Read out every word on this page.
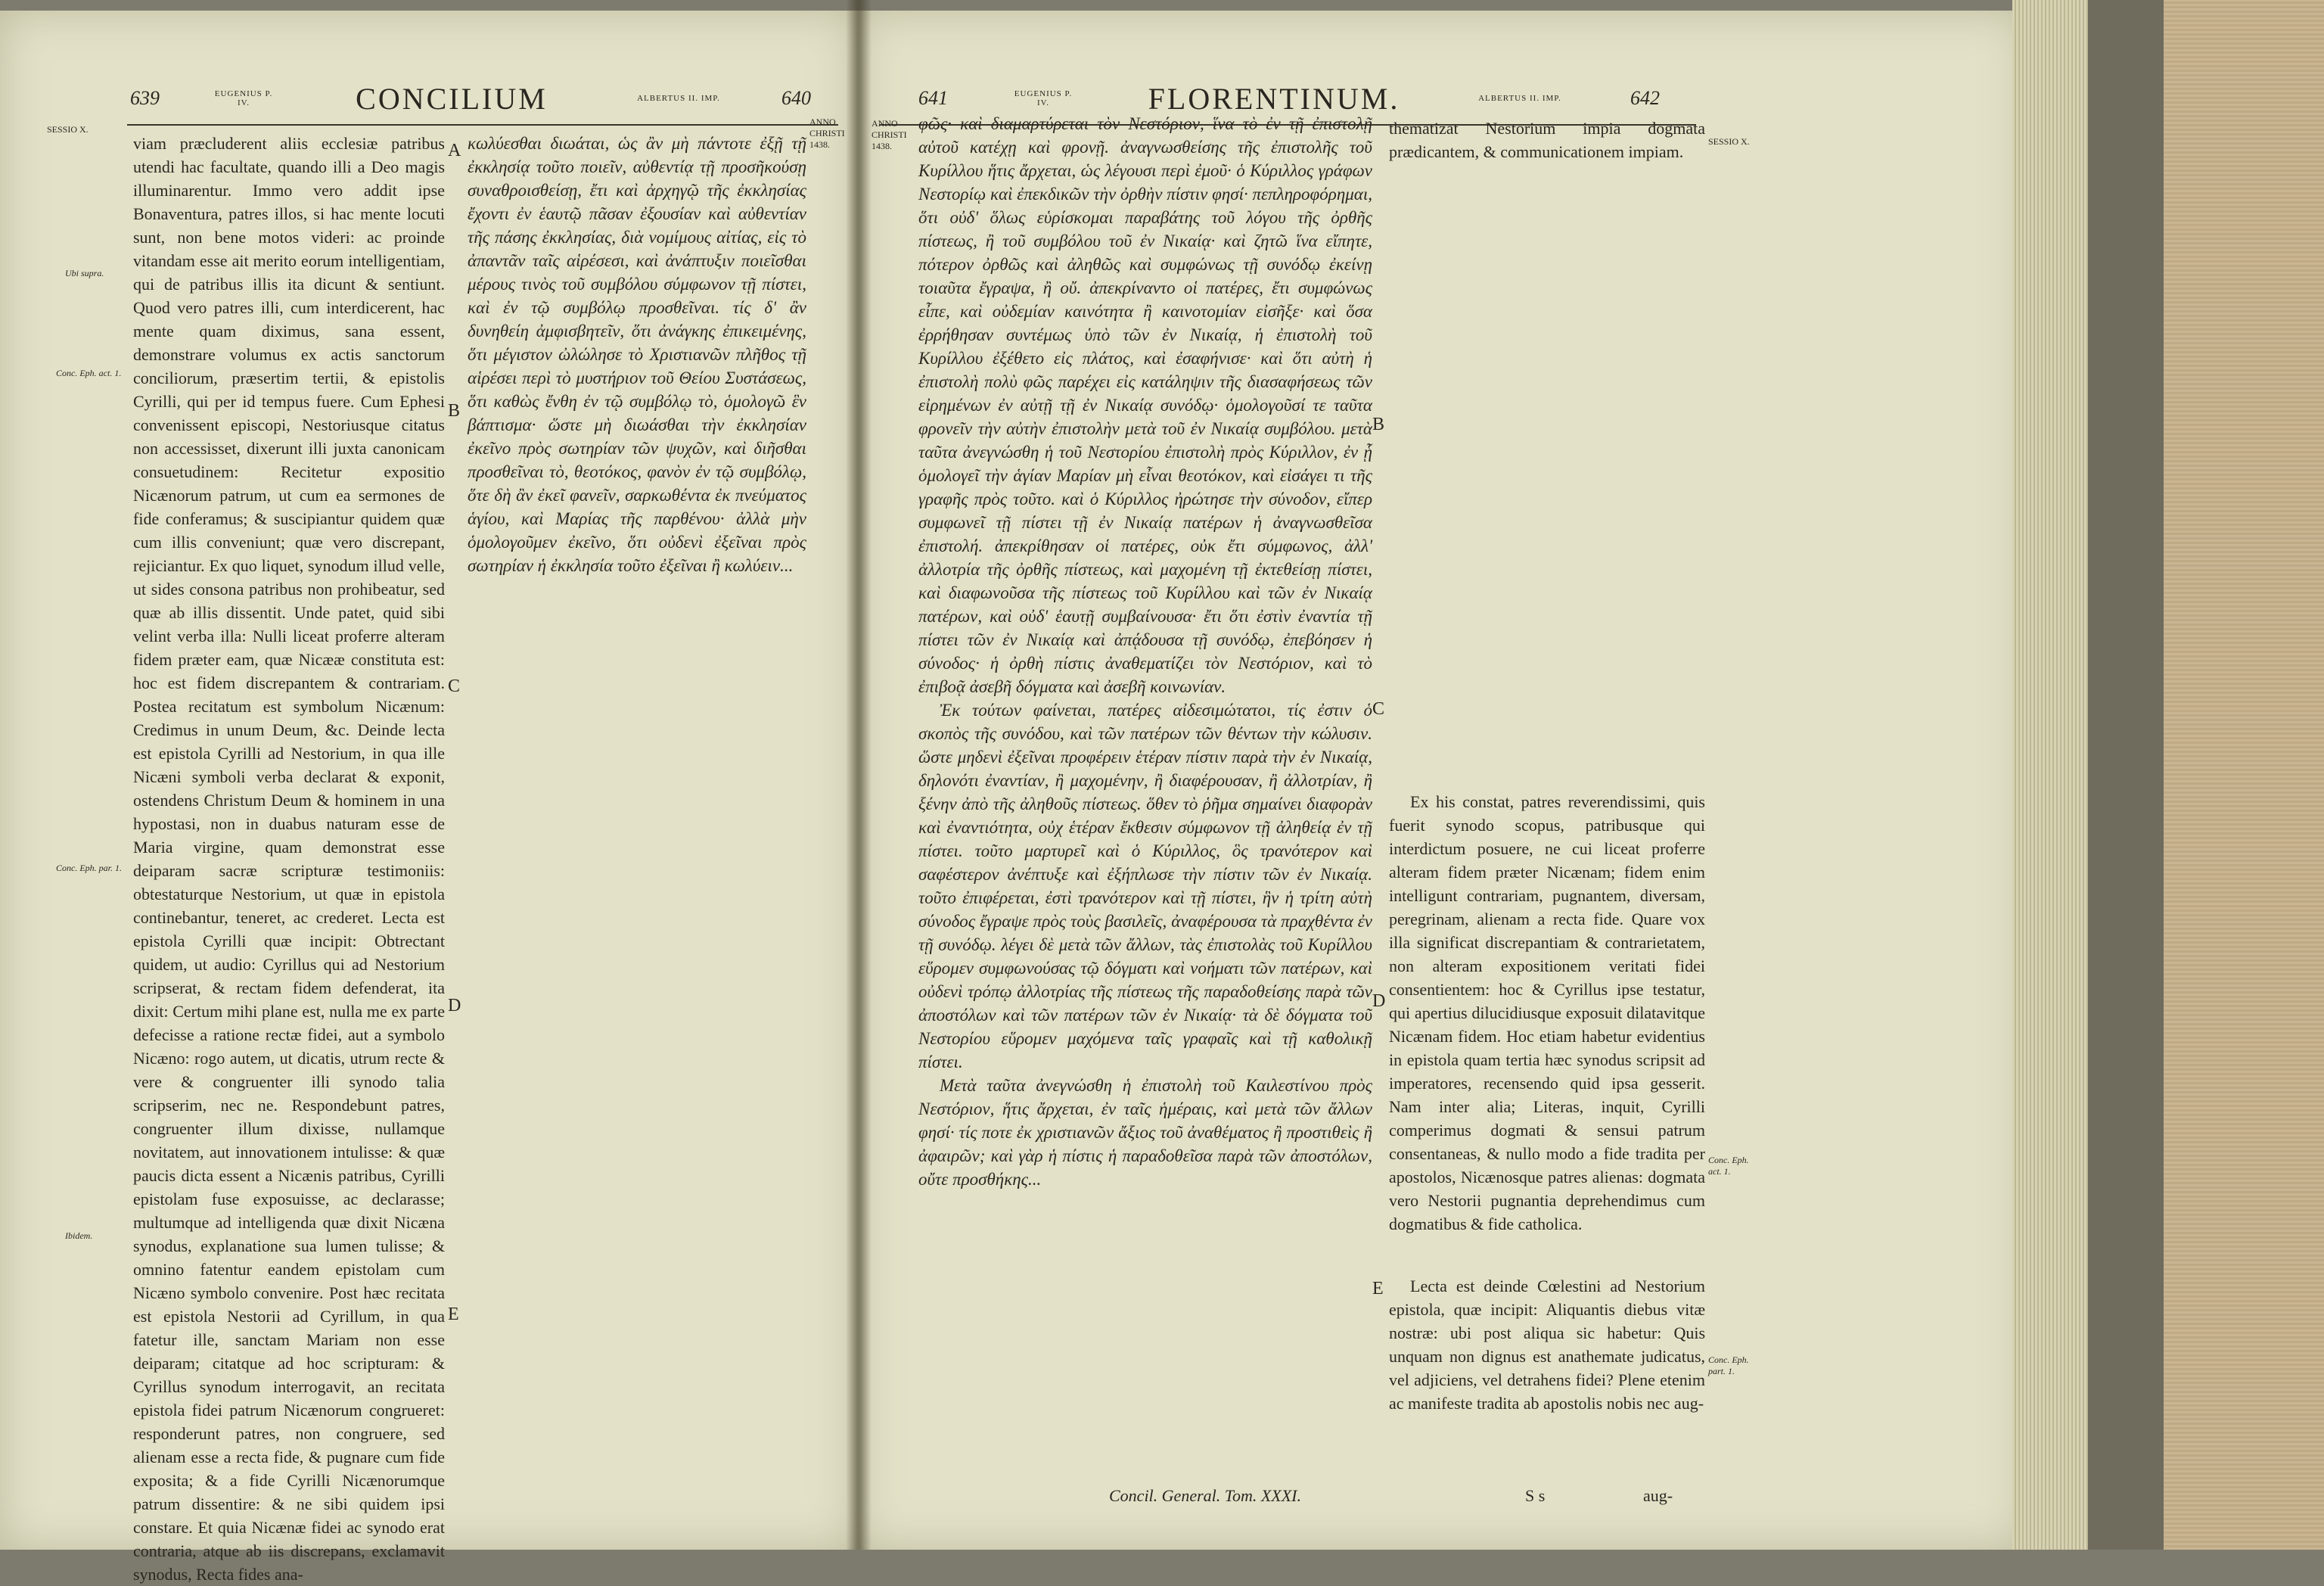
639	EUGENIUS P. IV.	CONCILIUM	ALBERTUS II. IMP.	640
SESSIO X.
Ubi supra.
Conc. Eph. act. 1.
Conc. Eph. par. 1.
Ibidem.

viam præcluderent aliis ecclesiæ patribus utendi hac facultate, quando illi a Deo magis illuminarentur. Immo vero addit ipse Bonaventura, patres illos, si hac mente locuti sunt, non bene motos videri: ac proinde vitandam esse ait merito eorum intelligentiam, qui de patribus illis ita dicunt & sentiunt. Quod vero patres illi, cum interdicerent, hac mente quam diximus, sana essent, demonstrare volumus ex actis sanctorum conciliorum, præsertim tertii, & epistolis Cyrilli, qui per id tempus fuere. Cum Ephesi convenissent episcopi, Nestoriusque citatus non accessisset, dixerunt illi juxta canonicam consuetudinem: Recitetur expositio Nicænorum patrum, ut cum ea sermones de fide conferamus; & suscipiantur quidem quæ cum illis conveniunt; quæ vero discrepant, rejiciantur. Ex quo liquet, synodum illud velle, ut sides consona patribus non prohibeatur, sed quæ ab illis dissentit. Unde patet, quid sibi velint verba illa: Nulli liceat proferre alteram fidem præter eam, quæ Nicææ constituta est: hoc est fidem discrepantem & contrariam. Postea recitatum est symbolum Nicænum: Credimus in unum Deum, &c. Deinde lecta est epistola Cyrilli ad Nestorium, in qua ille Nicæni symboli verba declarat & exponit, ostendens Christum Deum & hominem in una hypostasi, non in duabus naturam esse de Maria virgine, quam demonstrat esse deiparam sacræ scripturæ testimoniis: obtestaturque Nestorium, ut quæ in epistola continebantur, teneret, ac crederet. Lecta est epistola Cyrilli quæ incipit: Obtrectant quidem, ut audio: Cyrillus qui ad Nestorium scripserat, & rectam fidem defenderat, ita dixit: Certum mihi plane est, nulla me ex parte defecisse a ratione rectæ fidei, aut a symbolo Nicæno: rogo autem, ut dicatis, utrum recte & vere & congruenter illi synodo talia scripserim, nec ne. Respondebunt patres, congruenter illum dixisse, nullamque novitatem, aut innovationem intulisse: & quæ paucis dicta essent a Nicænis patribus, Cyrilli epistolam fuse exposuisse, ac declarasse; multumque ad intelligenda quæ dixit Nicæna synodus, explanatione sua lumen tulisse; & omnino fatentur eandem epistolam cum Nicæno symbolo convenire. Post hæc recitata est epistola Nestorii ad Cyrillum, in qua fatetur ille, sanctam Mariam non esse deiparam; citatque ad hoc scripturam: & Cyrillus synodum interrogavit, an recitata epistola fidei patrum Nicænorum congrueret: responderunt patres, non congruere, sed alienam esse a recta fide, & pugnare cum fide exposita; & a fide Cyrilli Nicænorumque patrum dissentire: & ne sibi quidem ipsi constare. Et quia Nicænæ fidei ac synodo erat contraria, atque ab iis discrepans, exclamavit synodus, Recta fides ana-

A
B
C
D
E

κωλύεσθαι διωάται, ὡς ἂν μὴ πάντοτε ἐξῇ τῇ ἐκκλησίᾳ τοῦτο ποιεῖν, αὐθεντίᾳ τῇ προσῆκούσῃ συναθροισθείσῃ, ἔτι καὶ ἀρχηγῷ τῆς ἐκκλησίας ἔχοντι ἐν ἑαυτῷ πᾶσαν ἐξουσίαν καὶ αὐθεντίαν τῆς πάσης ἐκκλησίας, διὰ νομίμους αἰτίας, εἰς τὸ ἀπαντᾶν ταῖς αἱρέσεσι, καὶ ἀνάπτυξιν ποιεῖσθαι μέρους τινὸς τοῦ συμβόλου σύμφωνον τῇ πίστει, καὶ ἐν τῷ συμβόλῳ προσθεῖναι. τίς δ' ἂν δυνηθείη ἀμφισβητεῖν, ὅτι ἀνάγκης ἐπικειμένης, ὅτι μέγιστον ὠλώλησε τὸ Χριστιανῶν πλῆθος τῇ αἱρέσει περὶ τὸ μυστήριον τοῦ Θείου Συστάσεως, ὅτι καθὼς ἔνθη ἐν τῷ συμβόλῳ τὸ, ὁμολογῶ ἓν βάπτισμα· ὥστε μὴ διωάσθαι τὴν ἐκκλησίαν ἐκεῖνο πρὸς σωτηρίαν τῶν ψυχῶν, καὶ διῆσθαι προσθεῖναι τὸ, θεοτόκος, φανὸν ἐν τῷ συμβόλῳ, ὅτε δὴ ἂν ἐκεῖ φανεῖν, σαρκωθέντα ἐκ πνεύματος ἁγίου, καὶ Μαρίας τῆς παρθένου· ἀλλὰ μὴν ὁμολογοῦμεν ἐκεῖνο, ὅτι οὐδενὶ ἐξεῖναι πρὸς σωτηρίαν ἡ ἐκκλησία τοῦτο ἐξεῖναι ἢ κωλύειν...

ANNO CHRISTI 1438.
641	EUGENIUS P. IV.	FLORENTINUM.	ALBERTUS II. IMP.	642
ANNO CHRISTI 1438.

φῶς· καὶ διαμαρτύρεται τὸν Νεστόριον, ἵνα τὸ ἐν τῇ ἐπιστολῇ αὐτοῦ κατέχῃ καὶ φρονῇ. ἀναγνωσθείσης τῆς ἐπιστολῆς τοῦ Κυρίλλου ἥτις ἄρχεται, ὡς λέγουσι περὶ ἐμοῦ· ὁ Κύριλλος γράφων Νεστορίῳ καὶ ἐπεκδικῶν τὴν ὀρθὴν πίστιν φησί· πεπληροφόρημαι, ὅτι οὐδ' ὅλως εὑρίσκομαι παραβάτης τοῦ λόγου τῆς ὀρθῆς πίστεως, ἢ τοῦ συμβόλου τοῦ ἐν Νικαίᾳ· καὶ ζητῶ ἵνα εἴπητε, πότερον ὀρθῶς καὶ ἀληθῶς καὶ συμφώνως τῇ συνόδῳ ἐκείνῃ τοιαῦτα ἔγραψα, ἢ οὔ. ἀπεκρίναντο οἱ πατέρες, ἔτι συμφώνως εἶπε, καὶ οὐδεμίαν καινότητα ἢ καινοτομίαν εἰσῆξε· καὶ ὅσα ἐρρήθησαν συντέμως ὑπὸ τῶν ἐν Νικαίᾳ, ἡ ἐπιστολὴ τοῦ Κυρίλλου ἐξέθετο εἰς πλάτος, καὶ ἐσαφήνισε· καὶ ὅτι αὐτὴ ἡ ἐπιστολὴ πολὺ φῶς παρέχει εἰς κατάληψιν τῆς διασαφήσεως τῶν εἰρημένων ἐν αὐτῇ τῇ ἐν Νικαίᾳ συνόδῳ· ὁμολογοῦσί τε ταῦτα φρονεῖν τὴν αὐτὴν ἐπιστολὴν μετὰ τοῦ ἐν Νικαίᾳ συμβόλου. μετὰ ταῦτα ἀνεγνώσθη ἡ τοῦ Νεστορίου ἐπιστολὴ πρὸς Κύριλλον, ἐν ᾗ ὁμολογεῖ τὴν ἁγίαν Μαρίαν μὴ εἶναι θεοτόκον, καὶ εἰσάγει τι τῆς γραφῆς πρὸς τοῦτο. καὶ ὁ Κύριλλος ἠρώτησε τὴν σύνοδον, εἴπερ συμφωνεῖ τῇ πίστει τῇ ἐν Νικαίᾳ πατέρων ἡ ἀναγνωσθεῖσα ἐπιστολή. ἀπεκρίθησαν οἱ πατέρες, οὐκ ἔτι σύμφωνος, ἀλλ' ἀλλοτρία τῆς ὀρθῆς πίστεως, καὶ μαχομένη τῇ ἐκτεθείσῃ πίστει, καὶ διαφωνοῦσα τῆς πίστεως τοῦ Κυρίλλου καὶ τῶν ἐν Νικαίᾳ πατέρων, καὶ οὐδ' ἑαυτῇ συμβαίνουσα· ἔτι ὅτι ἐστὶν ἐναντία τῇ πίστει τῶν ἐν Νικαίᾳ καὶ ἀπᾴδουσα τῇ συνόδῳ, ἐπεβόησεν ἡ σύνοδος· ἡ ὀρθὴ πίστις ἀναθεματίζει τὸν Νεστόριον, καὶ τὸ ἐπιβοᾷ ἀσεβῆ δόγματα καὶ ἀσεβῆ κοινωνίαν.

Ἐκ τούτων φαίνεται, πατέρες αἰδεσιμώτατοι, τίς ἐστιν ὁ σκοπὸς τῆς συνόδου, καὶ τῶν πατέρων τῶν θέντων τὴν κώλυσιν. ὥστε μηδενὶ ἐξεῖναι προφέρειν ἑτέραν πίστιν παρὰ τὴν ἐν Νικαίᾳ, δηλονότι ἐναντίαν, ἢ μαχομένην, ἢ διαφέρουσαν, ἢ ἀλλοτρίαν, ἢ ξένην ἀπὸ τῆς ἀληθοῦς πίστεως. ὅθεν τὸ ῥῆμα σημαίνει διαφορὰν καὶ ἐναντιότητα, οὐχ ἑτέραν ἔκθεσιν σύμφωνον τῇ ἀληθείᾳ ἐν τῇ πίστει. τοῦτο μαρτυρεῖ καὶ ὁ Κύριλλος, ὃς τρανότερον καὶ σαφέστερον ἀνέπτυξε καὶ ἐξήπλωσε τὴν πίστιν τῶν ἐν Νικαίᾳ. τοῦτο ἐπιφέρεται, ἐστὶ τρανότερον καὶ τῇ πίστει, ἣν ἡ τρίτη αὐτὴ σύνοδος ἔγραψε πρὸς τοὺς βασιλεῖς, ἀναφέρουσα τὰ πραχθέντα ἐν τῇ συνόδῳ. λέγει δὲ μετὰ τῶν ἄλλων, τὰς ἐπιστολὰς τοῦ Κυρίλλου εὕρομεν συμφωνούσας τῷ δόγματι καὶ νοήματι τῶν πατέρων, καὶ οὐδενὶ τρόπῳ ἀλλοτρίας τῆς πίστεως τῆς παραδοθείσης παρὰ τῶν ἀποστόλων καὶ τῶν πατέρων τῶν ἐν Νικαίᾳ· τὰ δὲ δόγματα τοῦ Νεστορίου εὕρομεν μαχόμενα ταῖς γραφαῖς καὶ τῇ καθολικῇ πίστει.

Μετὰ ταῦτα ἀνεγνώσθη ἡ ἐπιστολὴ τοῦ Καιλεστίνου πρὸς Νεστόριον, ἥτις ἄρχεται, ἐν ταῖς ἡμέραις, καὶ μετὰ τῶν ἄλλων φησί· τίς ποτε ἐκ χριστιανῶν ἄξιος τοῦ ἀναθέματος ἢ προστιθεὶς ἢ ἀφαιρῶν; καὶ γὰρ ἡ πίστις ἡ παραδοθεῖσα παρὰ τῶν ἀποστόλων, οὔτε προσθήκης...

B
C
D
E

thematizat Nestorium impia dogmata prædicantem, & communicationem impiam.

Ex his constat, patres reverendissimi, quis fuerit synodo scopus, patribusque qui interdictum posuere, ne cui liceat proferre alteram fidem præter Nicænam; fidem enim intelligunt contrariam, pugnantem, diversam, peregrinam, alienam a recta fide. Quare vox illa significat discrepantiam & contrarietatem, non alteram expositionem veritati fidei consentientem: hoc & Cyrillus ipse testatur, qui apertius dilucidiusque exposuit dilatavitque Nicænam fidem. Hoc etiam habetur evidentius in epistola quam tertia hæc synodus scripsit ad imperatores, recensendo quid ipsa gesserit. Nam inter alia; Literas, inquit, Cyrilli comperimus dogmati & sensui patrum consentaneas, & nullo modo a fide tradita per apostolos, Nicænosque patres alienas: dogmata vero Nestorii pugnantia deprehendimus cum dogmatibus & fide catholica.

Lecta est deinde Cœlestini ad Nestorium epistola, quæ incipit: Aliquantis diebus vitæ nostræ: ubi post aliqua sic habetur: Quis unquam non dignus est anathemate judicatus, vel adjiciens, vel detrahens fidei? Plene etenim ac manifeste tradita ab apostolis nobis nec aug-

SESSIO X.
Conc. Eph. act. 1.
Conc. Eph. part. 1.
Concil. General. Tom. XXXI.	S s	aug-
